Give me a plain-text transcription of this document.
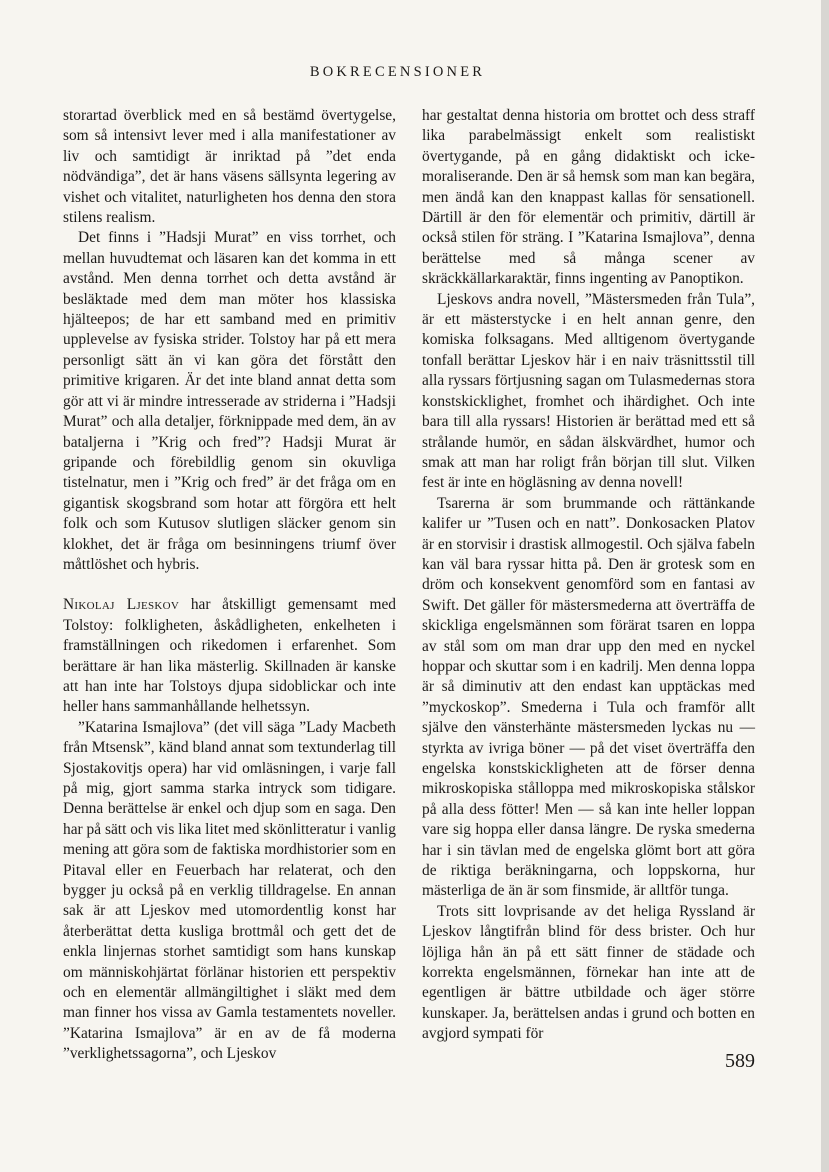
BOKRECENSIONER

storartad överblick med en så bestämd övertygelse, som så intensivt lever med i alla manifestationer av liv och samtidigt är inriktad på ”det enda nödvändiga”, det är hans väsens sällsynta legering av vishet och vitalitet, naturligheten hos denna den stora stilens realism.

Det finns i ”Hadsji Murat” en viss torrhet, och mellan huvudtemat och läsaren kan det komma in ett avstånd. Men denna torrhet och detta avstånd är besläktade med dem man möter hos klassiska hjälteepos; de har ett samband med en primitiv upplevelse av fysiska strider. Tolstoy har på ett mera personligt sätt än vi kan göra det förstått den primitive krigaren. Är det inte bland annat detta som gör att vi är mindre intresserade av striderna i ”Hadsji Murat” och alla detaljer, förknippade med dem, än av bataljerna i ”Krig och fred”? Hadsji Murat är gripande och förebildlig genom sin okuvliga tistelnatur, men i ”Krig och fred” är det fråga om en gigantisk skogsbrand som hotar att förgöra ett helt folk och som Kutusov slutligen släcker genom sin klokhet, det är fråga om besinningens triumf över måttlöshet och hybris.

Nikolaj Ljeskov har åtskilligt gemensamt med Tolstoy: folkligheten, åskådligheten, enkelheten i framställningen och rikedomen i erfarenhet. Som berättare är han lika mästerlig. Skillnaden är kanske att han inte har Tolstoys djupa sidoblickar och inte heller hans sammanhållande helhetssyn.

”Katarina Ismajlova” (det vill säga ”Lady Macbeth från Mtsensk”, känd bland annat som textunderlag till Sjostakovitjs opera) har vid omläsningen, i varje fall på mig, gjort samma starka intryck som tidigare. Denna berättelse är enkel och djup som en saga. Den har på sätt och vis lika litet med skönlitteratur i vanlig mening att göra som de faktiska mordhistorier som en Pitaval eller en Feuerbach har relaterat, och den bygger ju också på en verklig tilldragelse. En annan sak är att Ljeskov med utomordentlig konst har återberättat detta kusliga brottmål och gett det de enkla linjernas storhet samtidigt som hans kunskap om människohjärtat förlänar historien ett perspektiv och en elementär allmängiltighet i släkt med dem man finner hos vissa av Gamla testamentets noveller. ”Katarina Ismajlova” är en av de få moderna ”verklighetssagorna”, och Ljeskov

har gestaltat denna historia om brottet och dess straff lika parabelmässigt enkelt som realistiskt övertygande, på en gång didaktiskt och ickemoraliserande. Den är så hemsk som man kan begära, men ändå kan den knappast kallas för sensationell. Därtill är den för elementär och primitiv, därtill är också stilen för sträng. I ”Katarina Ismajlova”, denna berättelse med så många scener av skräckkällarkaraktär, finns ingenting av Panoptikon.

Ljeskovs andra novell, ”Mästersmeden från Tula”, är ett mästerstycke i en helt annan genre, den komiska folksagans. Med alltigenom övertygande tonfall berättar Ljeskov här i en naiv träsnittsstil till alla ryssars förtjusning sagan om Tulasmedernas stora konstskicklighet, fromhet och ihärdighet. Och inte bara till alla ryssars! Historien är berättad med ett så strålande humör, en sådan älskvärdhet, humor och smak att man har roligt från början till slut. Vilken fest är inte en högläsning av denna novell!

Tsarerna är som brummande och rättänkande kalifer ur ”Tusen och en natt”. Donkosacken Platov är en storvisir i drastisk allmogestil. Och själva fabeln kan väl bara ryssar hitta på. Den är grotesk som en dröm och konsekvent genomförd som en fantasi av Swift. Det gäller för mästersmederna att överträffa de skickliga engelsmännen som förärat tsaren en loppa av stål som om man drar upp den med en nyckel hoppar och skuttar som i en kadrilj. Men denna loppa är så diminutiv att den endast kan upptäckas med ”myckoskop”. Smederna i Tula och framför allt själve den vänsterhänte mästersmeden lyckas nu — styrkta av ivriga böner — på det viset överträffa den engelska konstskickligheten att de förser denna mikroskopiska stålloppa med mikroskopiska stålskor på alla dess fötter! Men — så kan inte heller loppan vare sig hoppa eller dansa längre. De ryska smederna har i sin tävlan med de engelska glömt bort att göra de riktiga beräkningarna, och loppskorna, hur mästerliga de än är som finsmide, är alltför tunga.

Trots sitt lovprisande av det heliga Ryssland är Ljeskov långtifrån blind för dess brister. Och hur löjliga hån än på ett sätt finner de städade och korrekta engelsmännen, förnekar han inte att de egentligen är bättre utbildade och äger större kunskaper. Ja, berättelsen andas i grund och botten en avgjord sympati för

589
